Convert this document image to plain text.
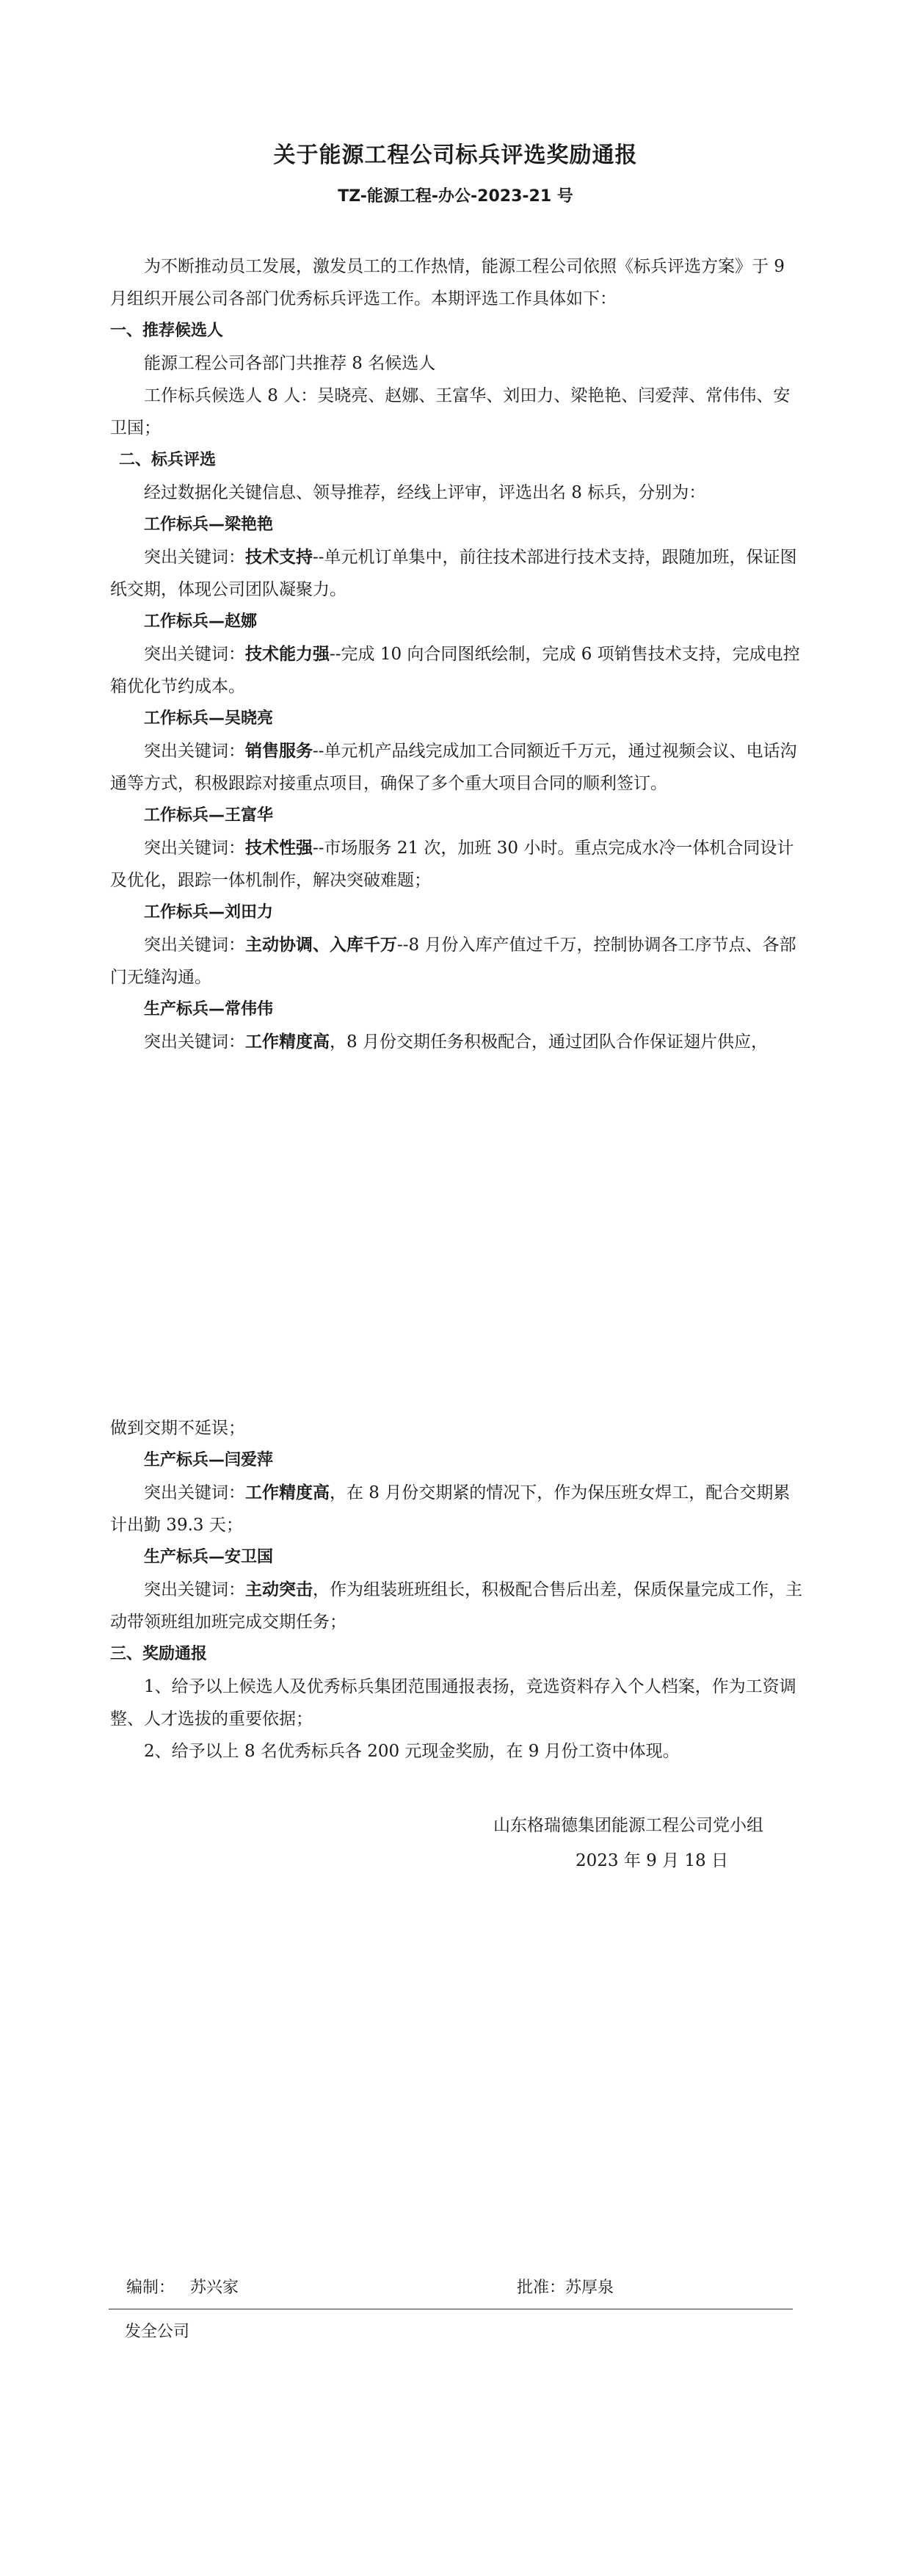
关于能源工程公司标兵评选奖励通报
TZ-能源工程-办公-2023-21 号

为不断推动员工发展，激发员工的工作热情，能源工程公司依照《标兵评选方案》于 9 月组织开展公司各部门优秀标兵评选工作。本期评选工作具体如下：

一、推荐候选人

能源工程公司各部门共推荐 8 名候选人

工作标兵候选人 8 人：吴晓亮、赵娜、王富华、刘田力、梁艳艳、闫爱萍、常伟伟、安卫国；

二、标兵评选

经过数据化关键信息、领导推荐，经线上评审，评选出名 8 标兵，分别为：

工作标兵—梁艳艳

突出关键词：技术支持--单元机订单集中，前往技术部进行技术支持，跟随加班，保证图纸交期，体现公司团队凝聚力。

工作标兵—赵娜

突出关键词：技术能力强--完成 10 向合同图纸绘制，完成 6 项销售技术支持，完成电控箱优化节约成本。

工作标兵—吴晓亮

突出关键词：销售服务--单元机产品线完成加工合同额近千万元，通过视频会议、电话沟通等方式，积极跟踪对接重点项目，确保了多个重大项目合同的顺利签订。

工作标兵—王富华

突出关键词：技术性强--市场服务 21 次，加班 30 小时。重点完成水冷一体机合同设计及优化，跟踪一体机制作，解决突破难题；

工作标兵—刘田力

突出关键词：主动协调、入库千万--8 月份入库产值过千万，控制协调各工序节点、各部门无缝沟通。

生产标兵—常伟伟

突出关键词：工作精度高，8 月份交期任务积极配合，通过团队合作保证翅片供应，

做到交期不延误；

生产标兵—闫爱萍

突出关键词：工作精度高，在 8 月份交期紧的情况下，作为保压班女焊工，配合交期累计出勤 39.3 天；

生产标兵—安卫国

突出关键词：主动突击，作为组装班班组长，积极配合售后出差，保质保量完成工作，主动带领班组加班完成交期任务；

三、奖励通报

1、给予以上候选人及优秀标兵集团范围通报表扬，竞选资料存入个人档案，作为工资调整、人才选拔的重要依据；

2、给予以上 8 名优秀标兵各 200 元现金奖励，在 9 月份工资中体现。

山东格瑞德集团能源工程公司党小组
2023 年 9 月 18 日
编制： 苏兴家	批准：苏厚泉
发全公司
